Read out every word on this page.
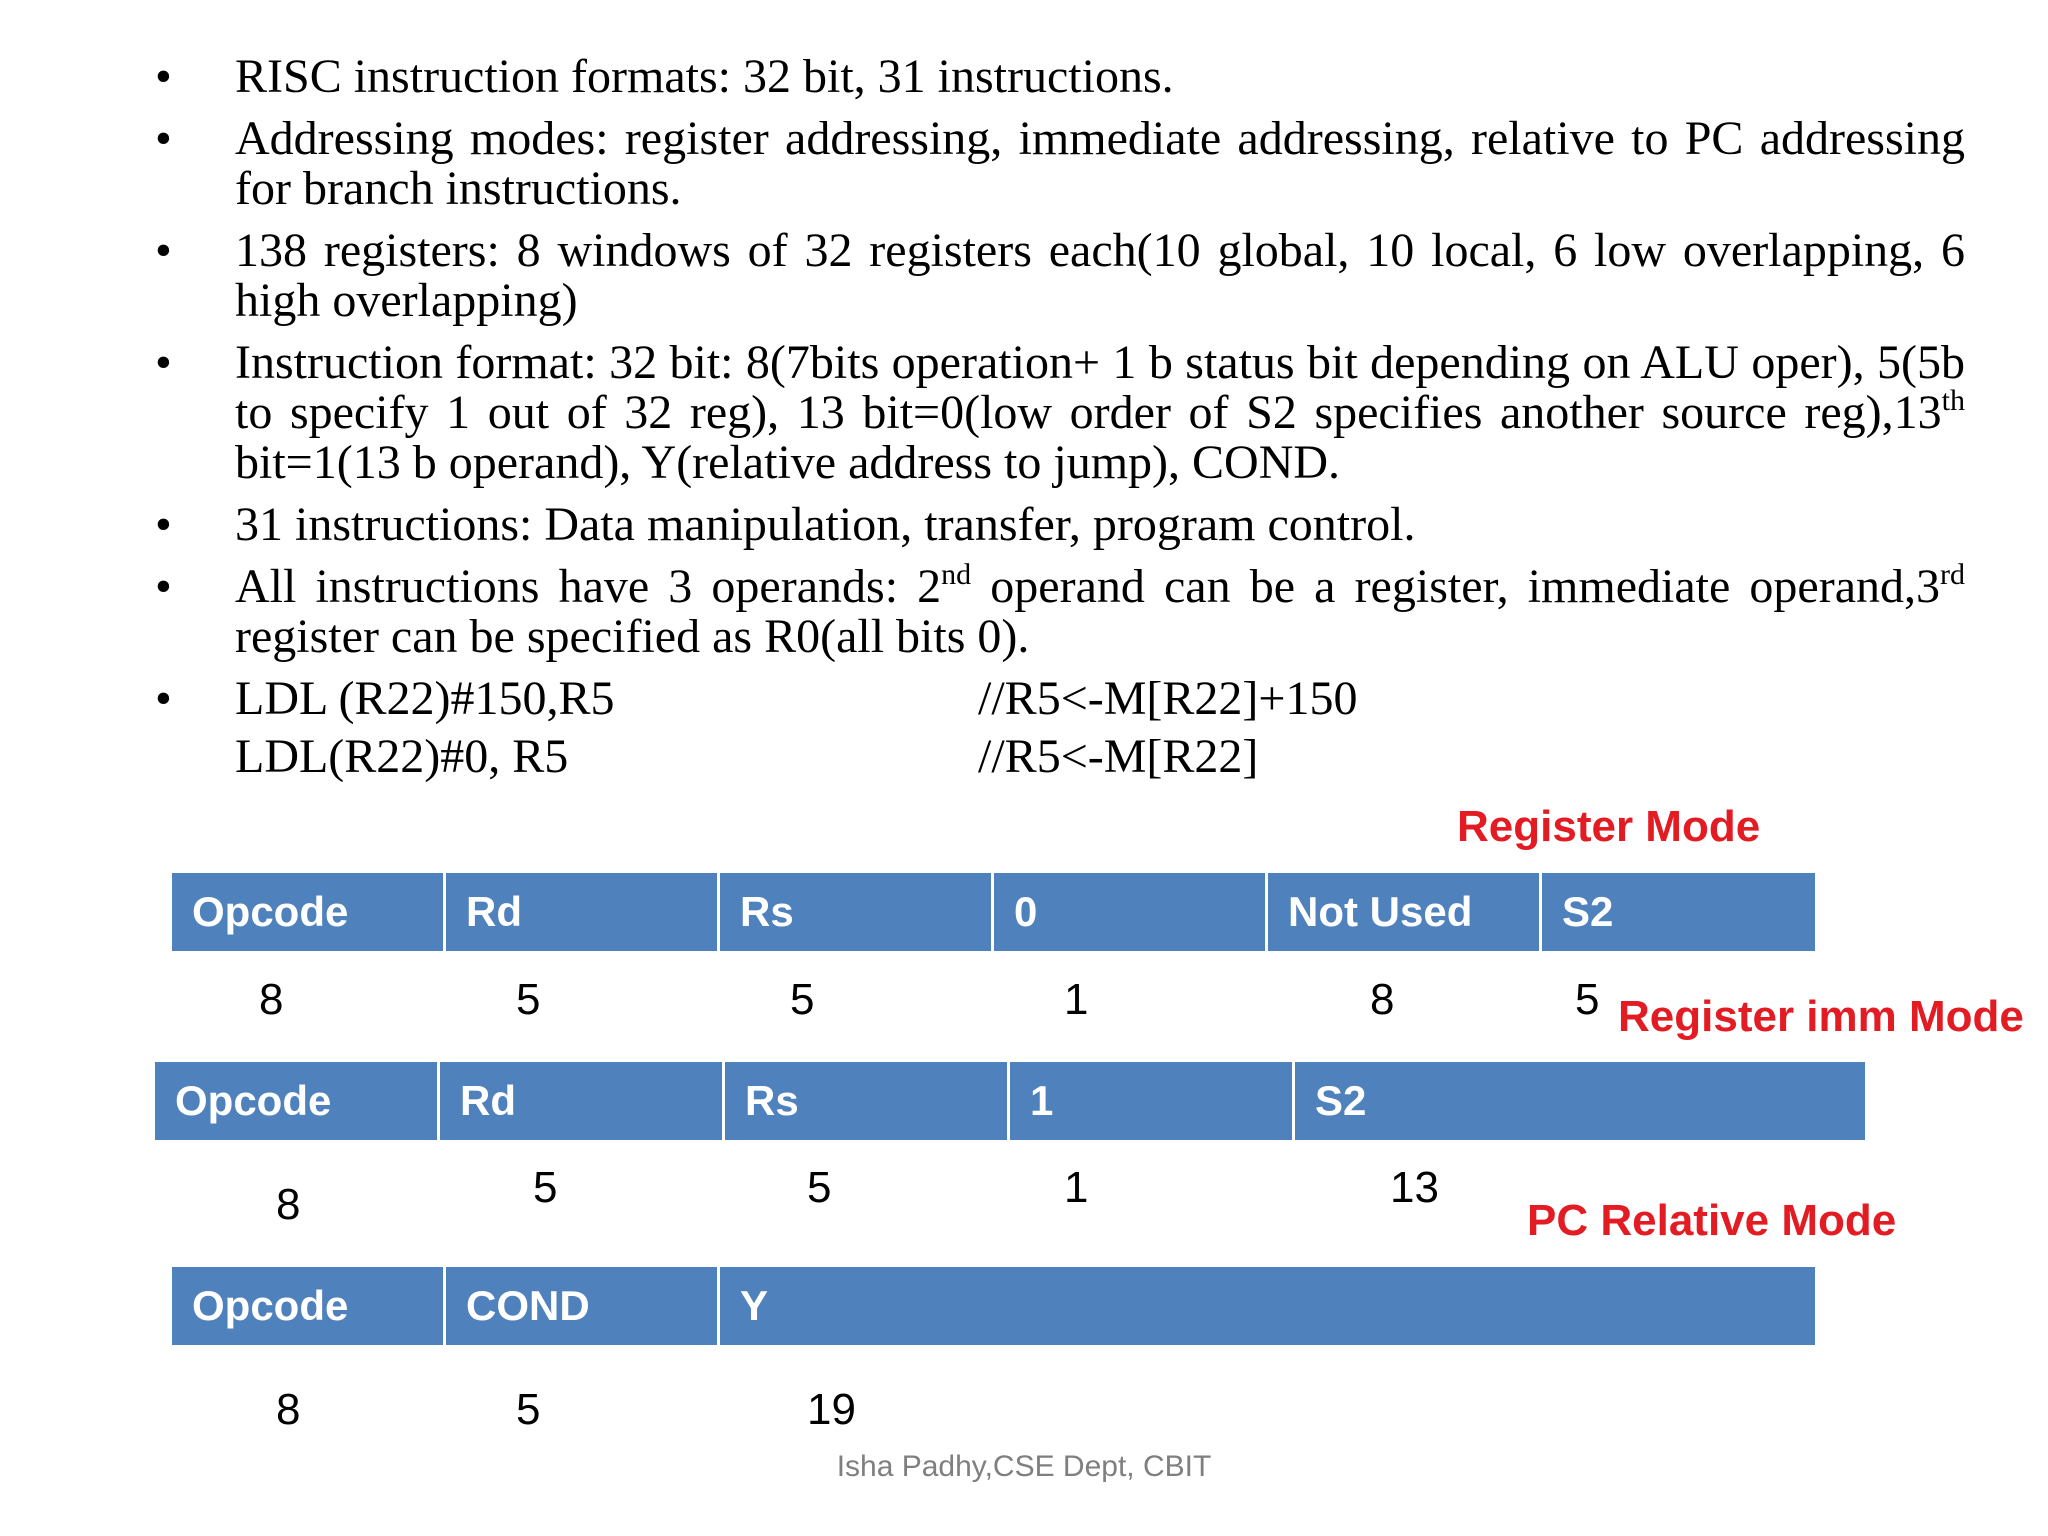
• RISC instruction formats: 32 bit, 31 instructions.

• Addressing modes: register addressing, immediate addressing, relative to PC addressing for branch instructions.

• 138 registers: 8 windows of 32 registers each(10 global, 10 local, 6 low overlapping, 6 high overlapping)

• Instruction format: 32 bit: 8(7bits operation+ 1 b status bit depending on ALU oper), 5(5b to specify 1 out of 32 reg), 13 bit=0(low order of S2 specifies another source reg),13th bit=1(13 b operand), Y(relative address to jump), COND.

• 31 instructions: Data manipulation, transfer, program control.

• All instructions have 3 operands: 2nd operand can be a register, immediate operand,3rd register can be specified as R0(all bits 0).

• LDL (R22)#150,R5	//R5<-M[R22]+150
LDL(R22)#0, R5	//R5<-M[R22]
Register Mode
Opcode	Rd	Rs	0	Not Used	S2
8	5	5	1	8	5 Register imm Mode
Opcode	Rd	Rs	1	S2
8	5	5	1	13
PC Relative Mode
Opcode	COND	Y
8	5	19
Isha Padhy,CSE Dept, CBIT
